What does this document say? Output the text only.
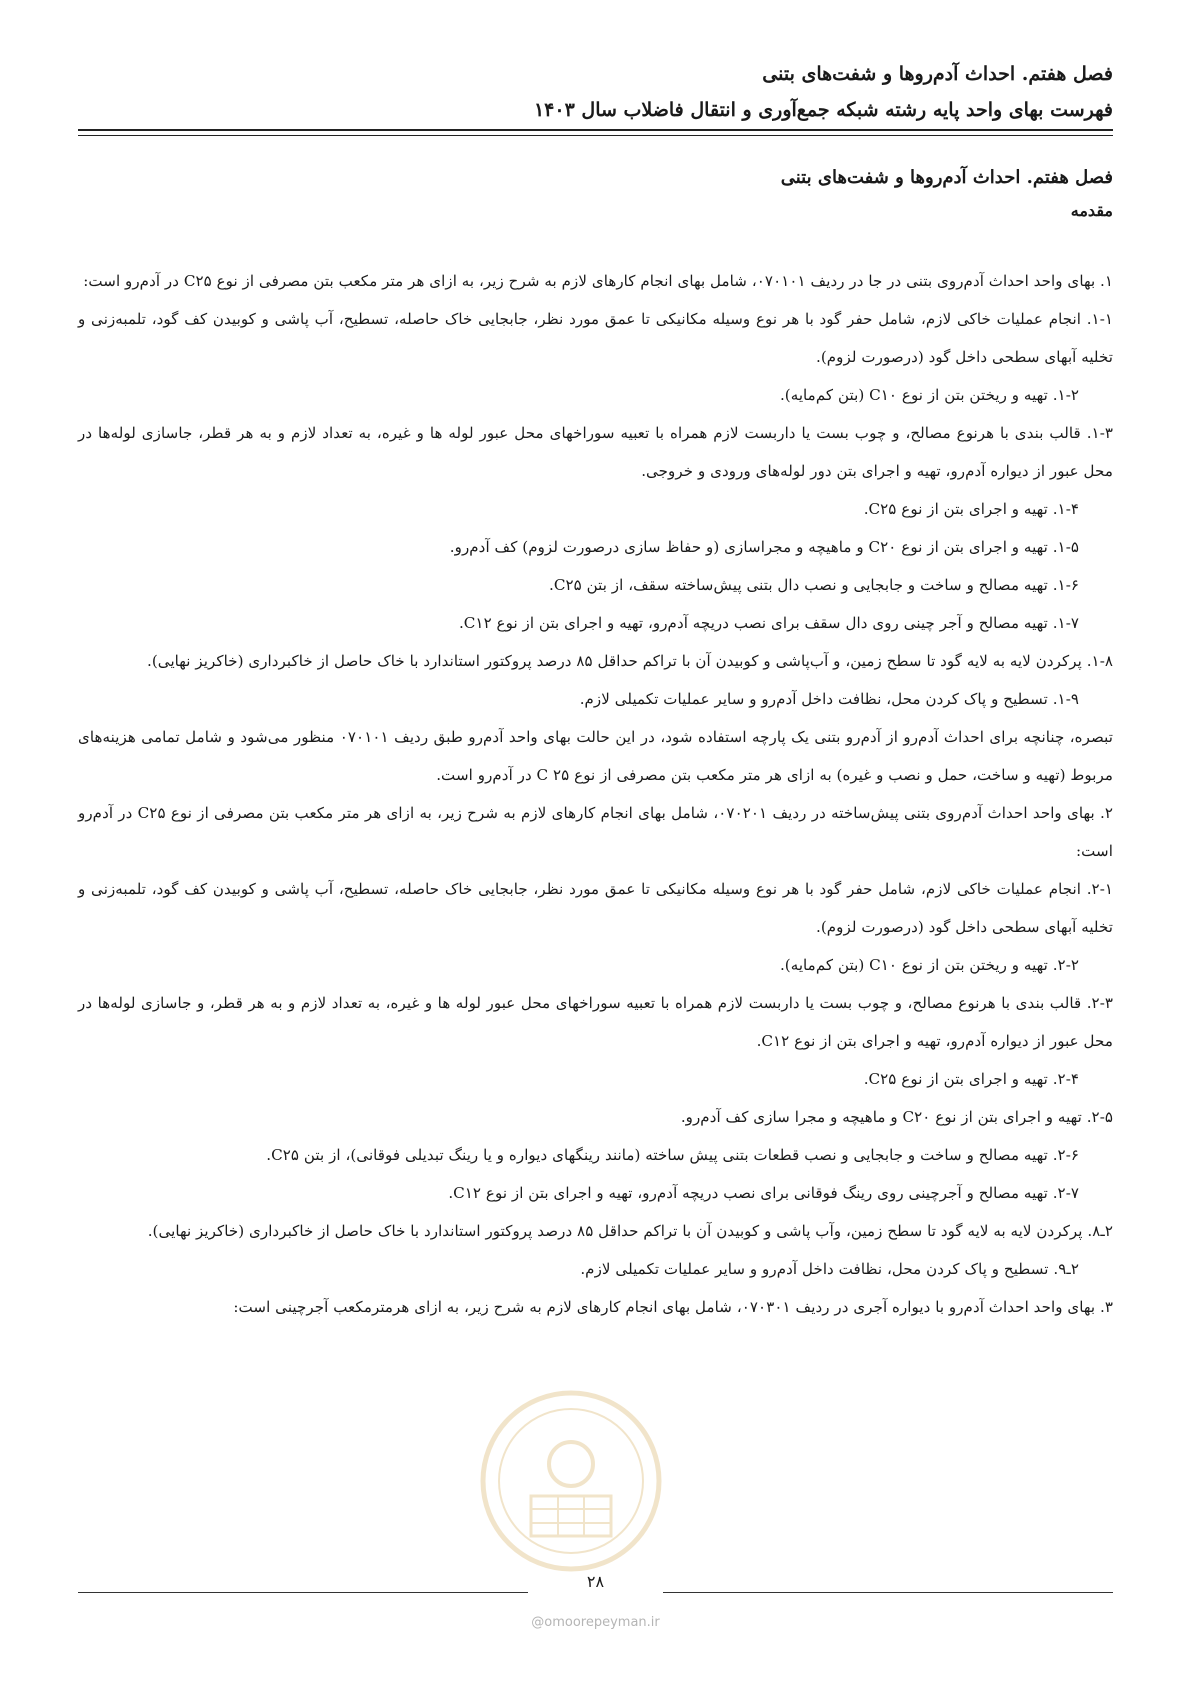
فصل هفتم. احداث آدم‌روها و شفت‌های بتنی
فهرست بهای واحد پایه رشته شبکه جمع‌آوری و انتقال فاضلاب سال ۱۴۰۳
فصل هفتم. احداث آدم‌روها و شفت‌های بتنی
مقدمه

۱. بهای واحد احداث آدم‌روی بتنی در جا در ردیف ۰۷۰۱۰۱، شامل بهای انجام کارهای لازم به شرح زیر، به ازای هر متر مکعب بتن مصرفی از نوع C۲۵ در آدم‌رو است:

۱-۱. انجام عملیات خاکی لازم، شامل حفر گود با هر نوع وسیله مکانیکی تا عمق مورد نظر، جابجایی خاک حاصله، تسطیح، آب پاشی و کوبیدن کف گود، تلمبه‌زنی و تخلیه آبهای سطحی داخل گود (درصورت لزوم).

۱-۲. تهیه و ریختن بتن از نوع C۱۰ (بتن کم‌مایه).

۱-۳. قالب بندی با هرنوع مصالح، و چوب بست یا داربست لازم همراه با تعبیه سوراخهای محل عبور لوله ها و غیره، به تعداد لازم و به هر قطر، جاسازی لوله‌ها در محل عبور از دیواره آدم‌رو، تهیه و اجرای بتن دور لوله‌های ورودی و خروجی.

۱-۴. تهیه و اجرای بتن از نوع C۲۵.

۱-۵. تهیه و اجرای بتن از نوع C۲۰ و ماهیچه و مجراسازی (و حفاظ سازی درصورت لزوم) کف آدم‌رو.

۱-۶. تهیه مصالح و ساخت و جابجایی و نصب دال بتنی پیش‌ساخته سقف، از بتن C۲۵.

۱-۷. تهیه مصالح و آجر چینی روی دال سقف برای نصب دریچه آدم‌رو، تهیه و اجرای بتن از نوع C۱۲.

۱-۸. پرکردن لایه به لایه گود تا سطح زمین، و آب‌پاشی و کوبیدن آن با تراکم حداقل ۸۵ درصد پروکتور استاندارد با خاک حاصل از خاکبرداری (خاکریز نهایی).

۱-۹. تسطیح و پاک کردن محل، نظافت داخل آدم‌رو و سایر عملیات تکمیلی لازم.

تبصره، چنانچه برای احداث آدم‌رو از آدم‌رو بتنی یک پارچه استفاده شود، در این حالت بهای واحد آدم‌رو طبق ردیف ۰۷۰۱۰۱ منظور می‌شود و شامل تمامی هزینه‌های مربوط (تهیه و ساخت، حمل و نصب و غیره) به ازای هر متر مکعب بتن مصرفی از نوع C ۲۵ در آدم‌رو است.

۲. بهای واحد احداث آدم‌روی بتنی پیش‌ساخته در ردیف ۰۷۰۲۰۱، شامل بهای انجام کارهای لازم به شرح زیر، به ازای هر متر مکعب بتن مصرفی از نوع C۲۵ در آدم‌رو است:

۲-۱. انجام عملیات خاکی لازم، شامل حفر گود با هر نوع وسیله مکانیکی تا عمق مورد نظر، جابجایی خاک حاصله، تسطیح، آب پاشی و کوبیدن کف گود، تلمبه‌زنی و تخلیه آبهای سطحی داخل گود (درصورت لزوم).

۲-۲. تهیه و ریختن بتن از نوع C۱۰ (بتن کم‌مایه).

۲-۳. قالب بندی با هرنوع مصالح، و چوب بست یا داربست لازم همراه با تعبیه سوراخهای محل عبور لوله ها و غیره، به تعداد لازم و به هر قطر، و جاسازی لوله‌ها در محل عبور از دیواره آدم‌رو، تهیه و اجرای بتن از نوع C۱۲.

۲-۴. تهیه و اجرای بتن از نوع C۲۵.

۲-۵. تهیه و اجرای بتن از نوع C۲۰ و ماهیچه و مجرا سازی کف آدم‌رو.

۲-۶. تهیه مصالح و ساخت و جابجایی و نصب قطعات بتنی پیش ساخته (مانند رینگهای دیواره و یا رینگ تبدیلی فوقانی)، از بتن C۲۵.

۲-۷. تهیه مصالح و آجرچینی روی رینگ فوقانی برای نصب دریچه آدم‌رو، تهیه و اجرای بتن از نوع C۱۲.

۲ـ۸. پرکردن لایه به لایه گود تا سطح زمین، وآب پاشی و کوبیدن آن با تراکم حداقل ۸۵ درصد پروکتور استاندارد با خاک حاصل از خاکبرداری (خاکریز نهایی).

۲ـ۹. تسطیح و پاک کردن محل، نظافت داخل آدم‌رو و سایر عملیات تکمیلی لازم.

۳. بهای واحد احداث آدم‌رو با دیواره آجری در ردیف ۰۷۰۳۰۱، شامل بهای انجام کارهای لازم به شرح زیر، به ازای هرمترمکعب آجرچینی است:

۲۸
@omoorepeyman.ir
